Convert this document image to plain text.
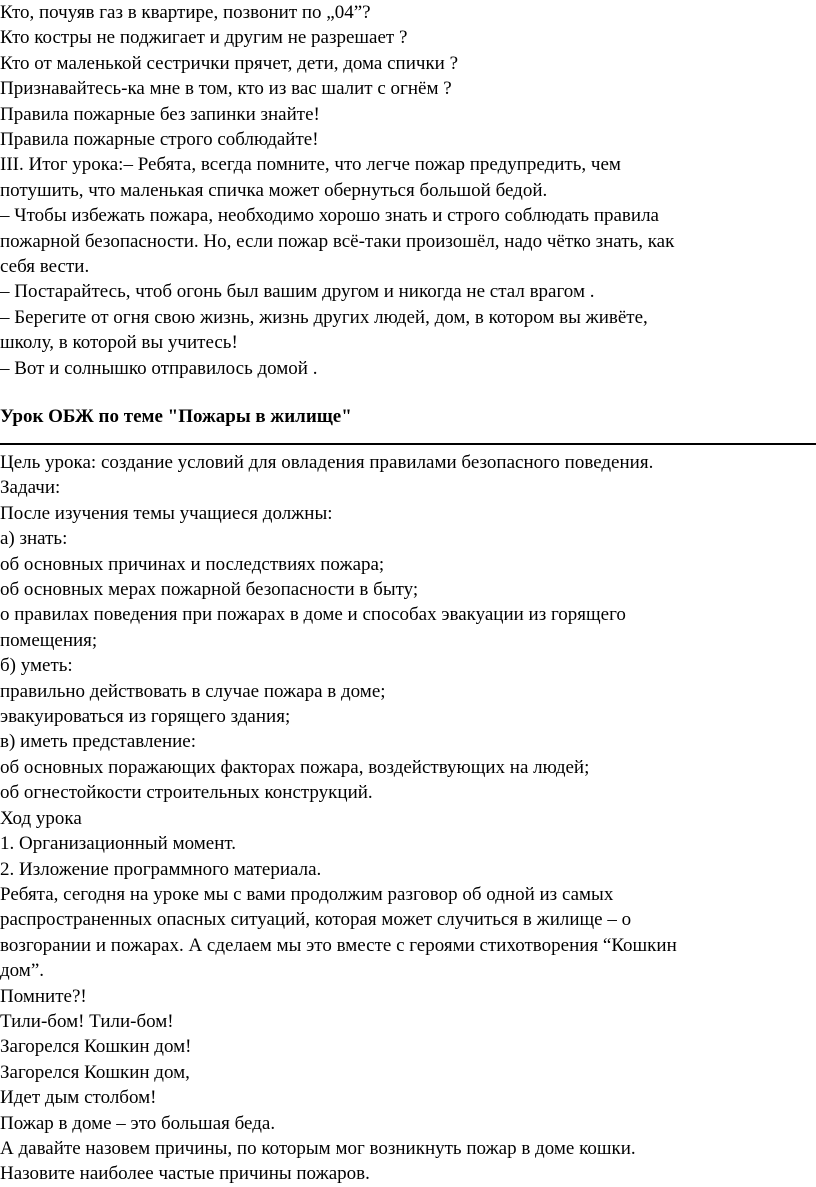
Кто, почуяв газ в квартире, позвонит по „04”?
Кто костры не поджигает и другим не разрешает ?
Кто от маленькой сестрички прячет, дети, дома спички ?
Признавайтесь-ка мне в том, кто из вас шалит с огнём ?
Правила пожарные без запинки знайте!
Правила пожарные строго соблюдайте!
III. Итог урока:– Ребята, всегда помните, что легче пожар предупредить, чем
потушить, что маленькая спичка может обернуться большой бедой.
– Чтобы избежать пожара, необходимо хорошо знать и строго соблюдать правила
пожарной безопасности. Но, если пожар всё-таки произошёл, надо чётко знать, как
себя вести.
– Постарайтесь, чтоб огонь был вашим другом и никогда не стал врагом .
– Берегите от огня свою жизнь, жизнь других людей, дом, в котором вы живёте,
школу, в которой вы учитесь!
– Вот и солнышко отправилось домой .
Урок ОБЖ по теме "Пожары в жилище"
Цель урока: создание условий для овладения правилами безопасного поведения.
Задачи:
После изучения темы учащиеся должны:
а) знать:
об основных причинах и последствиях пожара;
об основных мерах пожарной безопасности в быту;
о правилах поведения при пожарах в доме и способах эвакуации из горящего
помещения;
б) уметь:
правильно действовать в случае пожара в доме;
эвакуироваться из горящего здания;
в) иметь представление:
об основных поражающих факторах пожара, воздействующих на людей;
об огнестойкости строительных конструкций.
Ход урока
1. Организационный момент.
2. Изложение программного материала.
Ребята, сегодня на уроке мы с вами продолжим разговор об одной из самых
распространенных опасных ситуаций, которая может случиться в жилище – о
возгорании и пожарах. А сделаем мы это вместе с героями стихотворения “Кошкин
дом”.
Помните?!
Тили-бом! Тили-бом!
Загорелся Кошкин дом!
Загорелся Кошкин дом,
Идет дым столбом!
Пожар в доме – это большая беда.
А давайте назовем причины, по которым мог возникнуть пожар в доме кошки.
Назовите наиболее частые причины пожаров.
